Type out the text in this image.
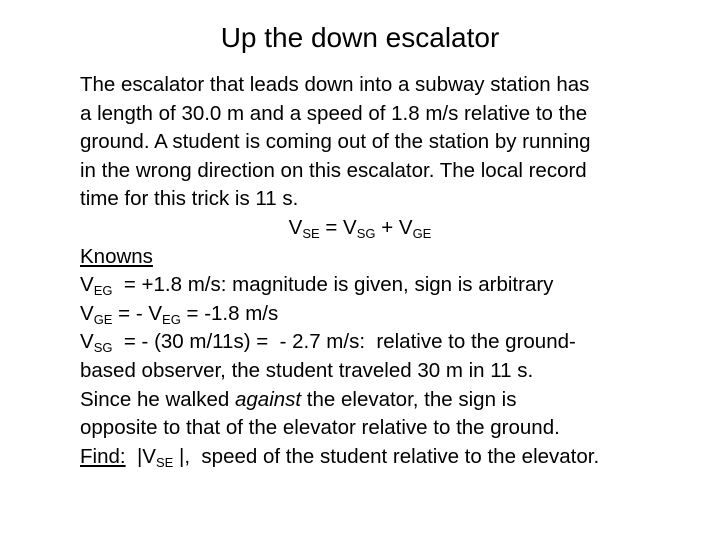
Up the down escalator
The escalator that leads down into a subway station has
a length of 30.0 m and a speed of 1.8 m/s relative to the
ground. A student is coming out of the station by running
in the wrong direction on this escalator. The local record
time for this trick is 11 s.
$V_{SE} = V_{SG} + V_{GE}$
Knowns
$V_{EG} = +1.8$ m/s: magnitude is given, sign is arbitrary
$V_{GE}$ = - $V_{EG} = -1.8$ m/s
$V_{SG}$  = - (30 m/11s) =  - 2.7 m/s:  relative to the ground-
based observer, the student traveled 30 m in 11 s.
Since he walked against the elevator, the sign is
opposite to that of the elevator relative to the ground.
Find:  $|V_{SE}$ |,  speed of the student relative to the elevator.
